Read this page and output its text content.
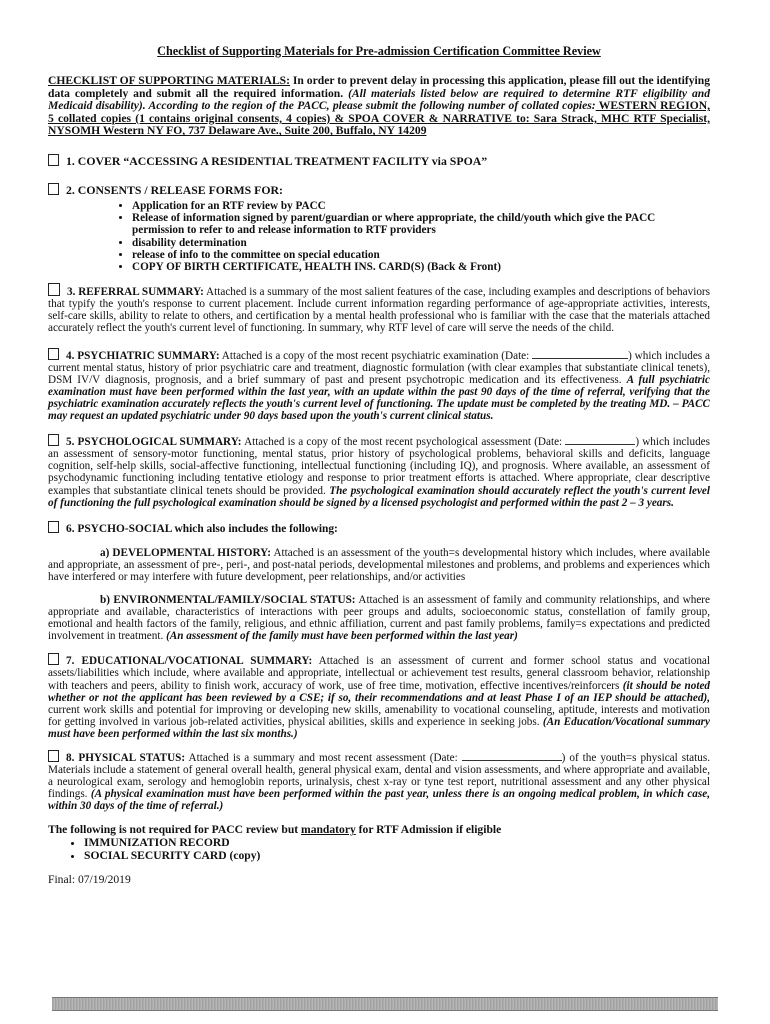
Checklist of Supporting Materials for Pre-admission Certification Committee Review

CHECKLIST OF SUPPORTING MATERIALS: In order to prevent delay in processing this application, please fill out the identifying data completely and submit all the required information. (All materials listed below are required to determine RTF eligibility and Medicaid disability). According to the region of the PACC, please submit the following number of collated copies: WESTERN REGION, 5 collated copies (1 contains original consents, 4 copies) & SPOA COVER & NARRATIVE to: Sara Strack, MHC RTF Specialist, NYSOMH Western NY FO, 737 Delaware Ave., Suite 200, Buffalo, NY 14209

1. COVER “ACCESSING A RESIDENTIAL TREATMENT FACILITY via SPOA”

2. CONSENTS / RELEASE FORMS FOR:

• Application for an RTF review by PACC
• Release of information signed by parent/guardian or where appropriate, the child/youth which give the PACC permission to refer to and release information to RTF providers
• disability determination
• release of info to the committee on special education
• COPY OF BIRTH CERTIFICATE, HEALTH INS. CARD(S) (Back & Front)

3. REFERRAL SUMMARY: Attached is a summary of the most salient features of the case, including examples and descriptions of behaviors that typify the youth's response to current placement. Include current information regarding performance of age-appropriate activities, interests, self-care skills, ability to relate to others, and certification by a mental health professional who is familiar with the case that the materials attached accurately reflect the youth's current level of functioning. In summary, why RTF level of care will serve the needs of the child.

4. PSYCHIATRIC SUMMARY: Attached is a copy of the most recent psychiatric examination (Date:	) which includes a current mental status, history of prior psychiatric care and treatment, diagnostic formulation (with clear examples that substantiate clinical tenets), DSM IV/V diagnosis, prognosis, and a brief summary of past and present psychotropic medication and its effectiveness. A full psychiatric examination must have been performed within the last year, with an update within the past 90 days of the time of referral, verifying that the psychiatric examination accurately reflects the youth's current level of functioning. The update must be completed by the treating MD. – PACC may request an updated psychiatric under 90 days based upon the youth's current clinical status.

5. PSYCHOLOGICAL SUMMARY: Attached is a copy of the most recent psychological assessment (Date:	) which includes an assessment of sensory-motor functioning, mental status, prior history of psychological problems, behavioral skills and deficits, language cognition, self-help skills, social-affective functioning, intellectual functioning (including IQ), and prognosis. Where available, an assessment of psychodynamic functioning including tentative etiology and response to prior treatment efforts is attached. Where appropriate, clear descriptive examples that substantiate clinical tenets should be provided. The psychological examination should accurately reflect the youth's current level of functioning the full psychological examination should be signed by a licensed psychologist and performed within the past 2 – 3 years.

6. PSYCHO-SOCIAL which also includes the following:

a) DEVELOPMENTAL HISTORY: Attached is an assessment of the youth=s developmental history which includes, where available and appropriate, an assessment of pre-, peri-, and post-natal periods, developmental milestones and problems, and problems and experiences which have interfered or may interfere with future development, peer relationships, and/or activities

b) ENVIRONMENTAL/FAMILY/SOCIAL STATUS: Attached is an assessment of family and community relationships, and where appropriate and available, characteristics of interactions with peer groups and adults, socioeconomic status, constellation of family group, emotional and health factors of the family, religious, and ethnic affiliation, current and past family problems, family=s expectations and predicted involvement in treatment. (An assessment of the family must have been performed within the last year)

7. EDUCATIONAL/VOCATIONAL SUMMARY: Attached is an assessment of current and former school status and vocational assets/liabilities which include, where available and appropriate, intellectual or achievement test results, general classroom behavior, relationship with teachers and peers, ability to finish work, accuracy of work, use of free time, motivation, effective incentives/reinforcers (it should be noted whether or not the applicant has been reviewed by a CSE; if so, their recommendations and at least Phase I of an IEP should be attached), current work skills and potential for improving or developing new skills, amenability to vocational counseling, aptitude, interests and motivation for getting involved in various job-related activities, physical abilities, skills and experience in seeking jobs. (An Education/Vocational summary must have been performed within the last six months.)

8. PHYSICAL STATUS: Attached is a summary and most recent assessment (Date:	) of the youth=s physical status. Materials include a statement of general overall health, general physical exam, dental and vision assessments, and where appropriate and available, a neurological exam, serology and hemoglobin reports, urinalysis, chest x-ray or tyne test report, nutritional assessment and any other physical findings. (A physical examination must have been performed within the past year, unless there is an ongoing medical problem, in which case, within 30 days of the time of referral.)

The following is not required for PACC review but mandatory for RTF Admission if eligible

• IMMUNIZATION RECORD
• SOCIAL SECURITY CARD (copy)

Final: 07/19/2019
